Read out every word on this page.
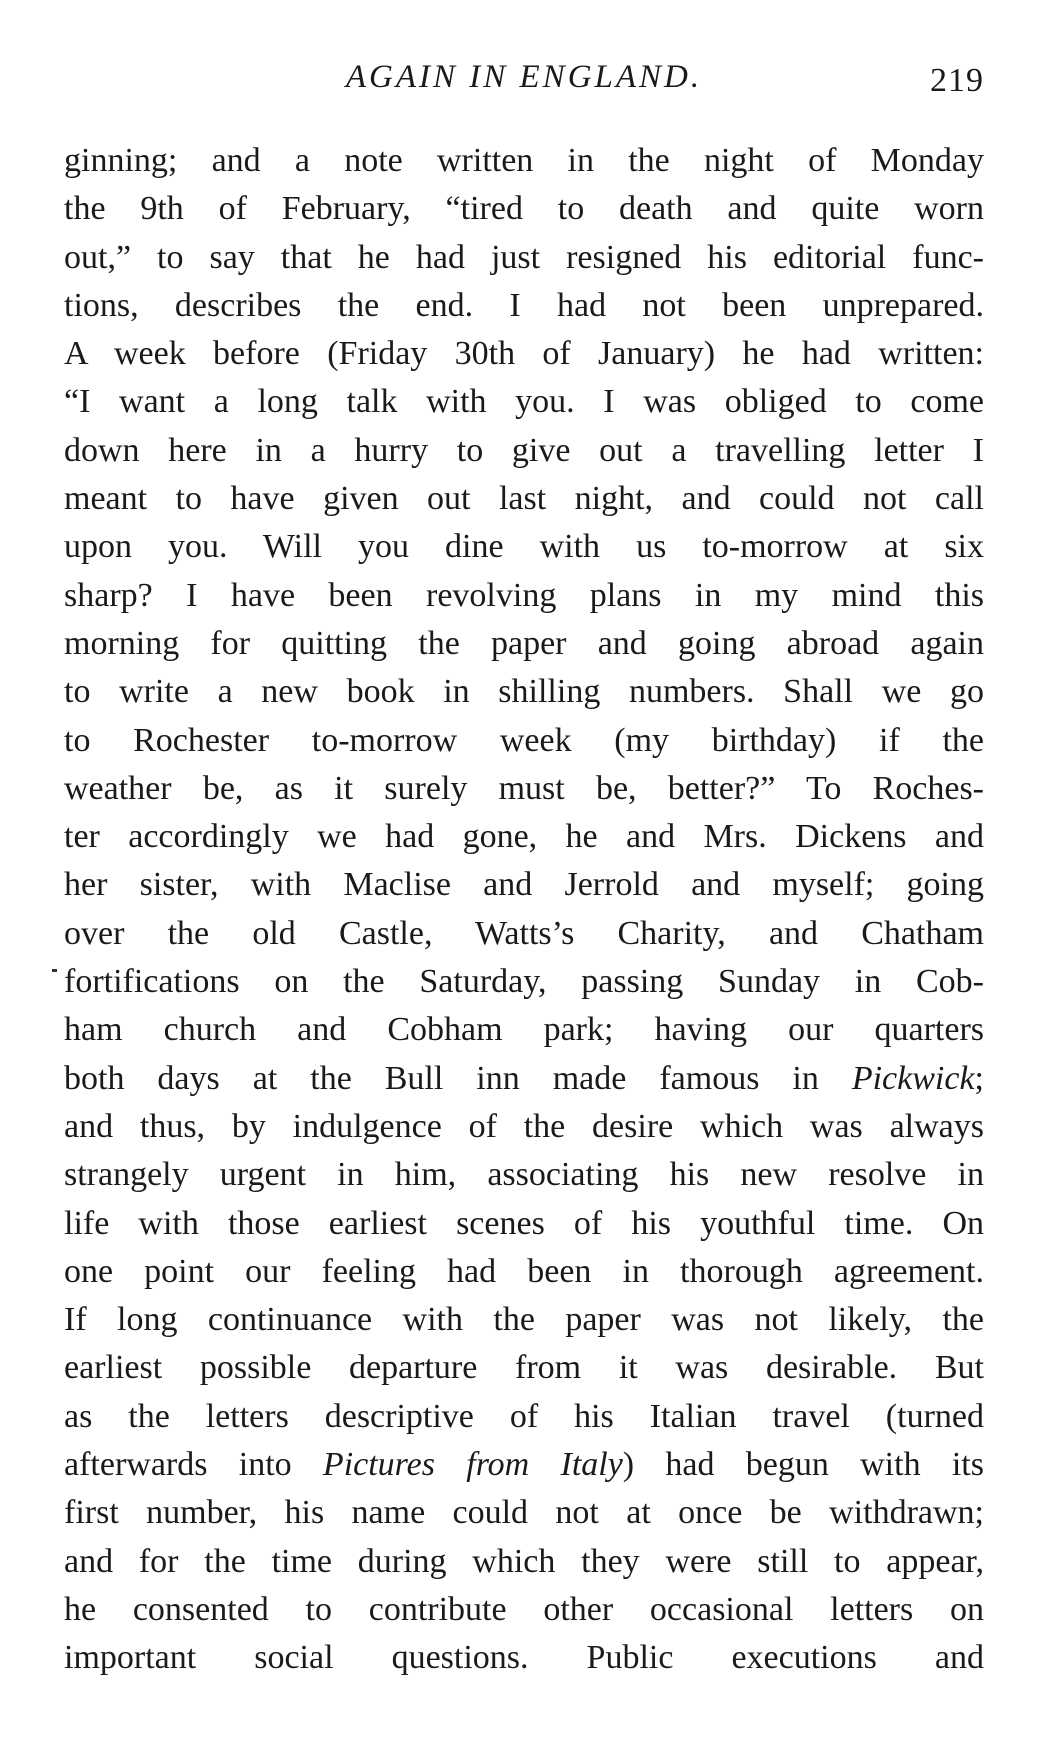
AGAIN IN ENGLAND.	219
ginning; and a note written in the night of Monday
the 9th of February, “tired to death and quite worn
out,” to say that he had just resigned his editorial func-
tions, describes the end. I had not been unprepared.
A week before (Friday 30th of January) he had written:
“I want a long talk with you. I was obliged to come
down here in a hurry to give out a travelling letter I
meant to have given out last night, and could not call
upon you. Will you dine with us to-morrow at six
sharp? I have been revolving plans in my mind this
morning for quitting the paper and going abroad again
to write a new book in shilling numbers. Shall we go
to Rochester to-morrow week (my birthday) if the
weather be, as it surely must be, better?” To Roches-
ter accordingly we had gone, he and Mrs. Dickens and
her sister, with Maclise and Jerrold and myself; going
over the old Castle, Watts’s Charity, and Chatham
fortifications on the Saturday, passing Sunday in Cob-
ham church and Cobham park; having our quarters
both days at the Bull inn made famous in Pickwick;
and thus, by indulgence of the desire which was always
strangely urgent in him, associating his new resolve in
life with those earliest scenes of his youthful time. On
one point our feeling had been in thorough agreement.
If long continuance with the paper was not likely, the
earliest possible departure from it was desirable. But
as the letters descriptive of his Italian travel (turned
afterwards into Pictures from Italy) had begun with its
first number, his name could not at once be withdrawn;
and for the time during which they were still to appear,
he consented to contribute other occasional letters on
important social questions. Public executions and
